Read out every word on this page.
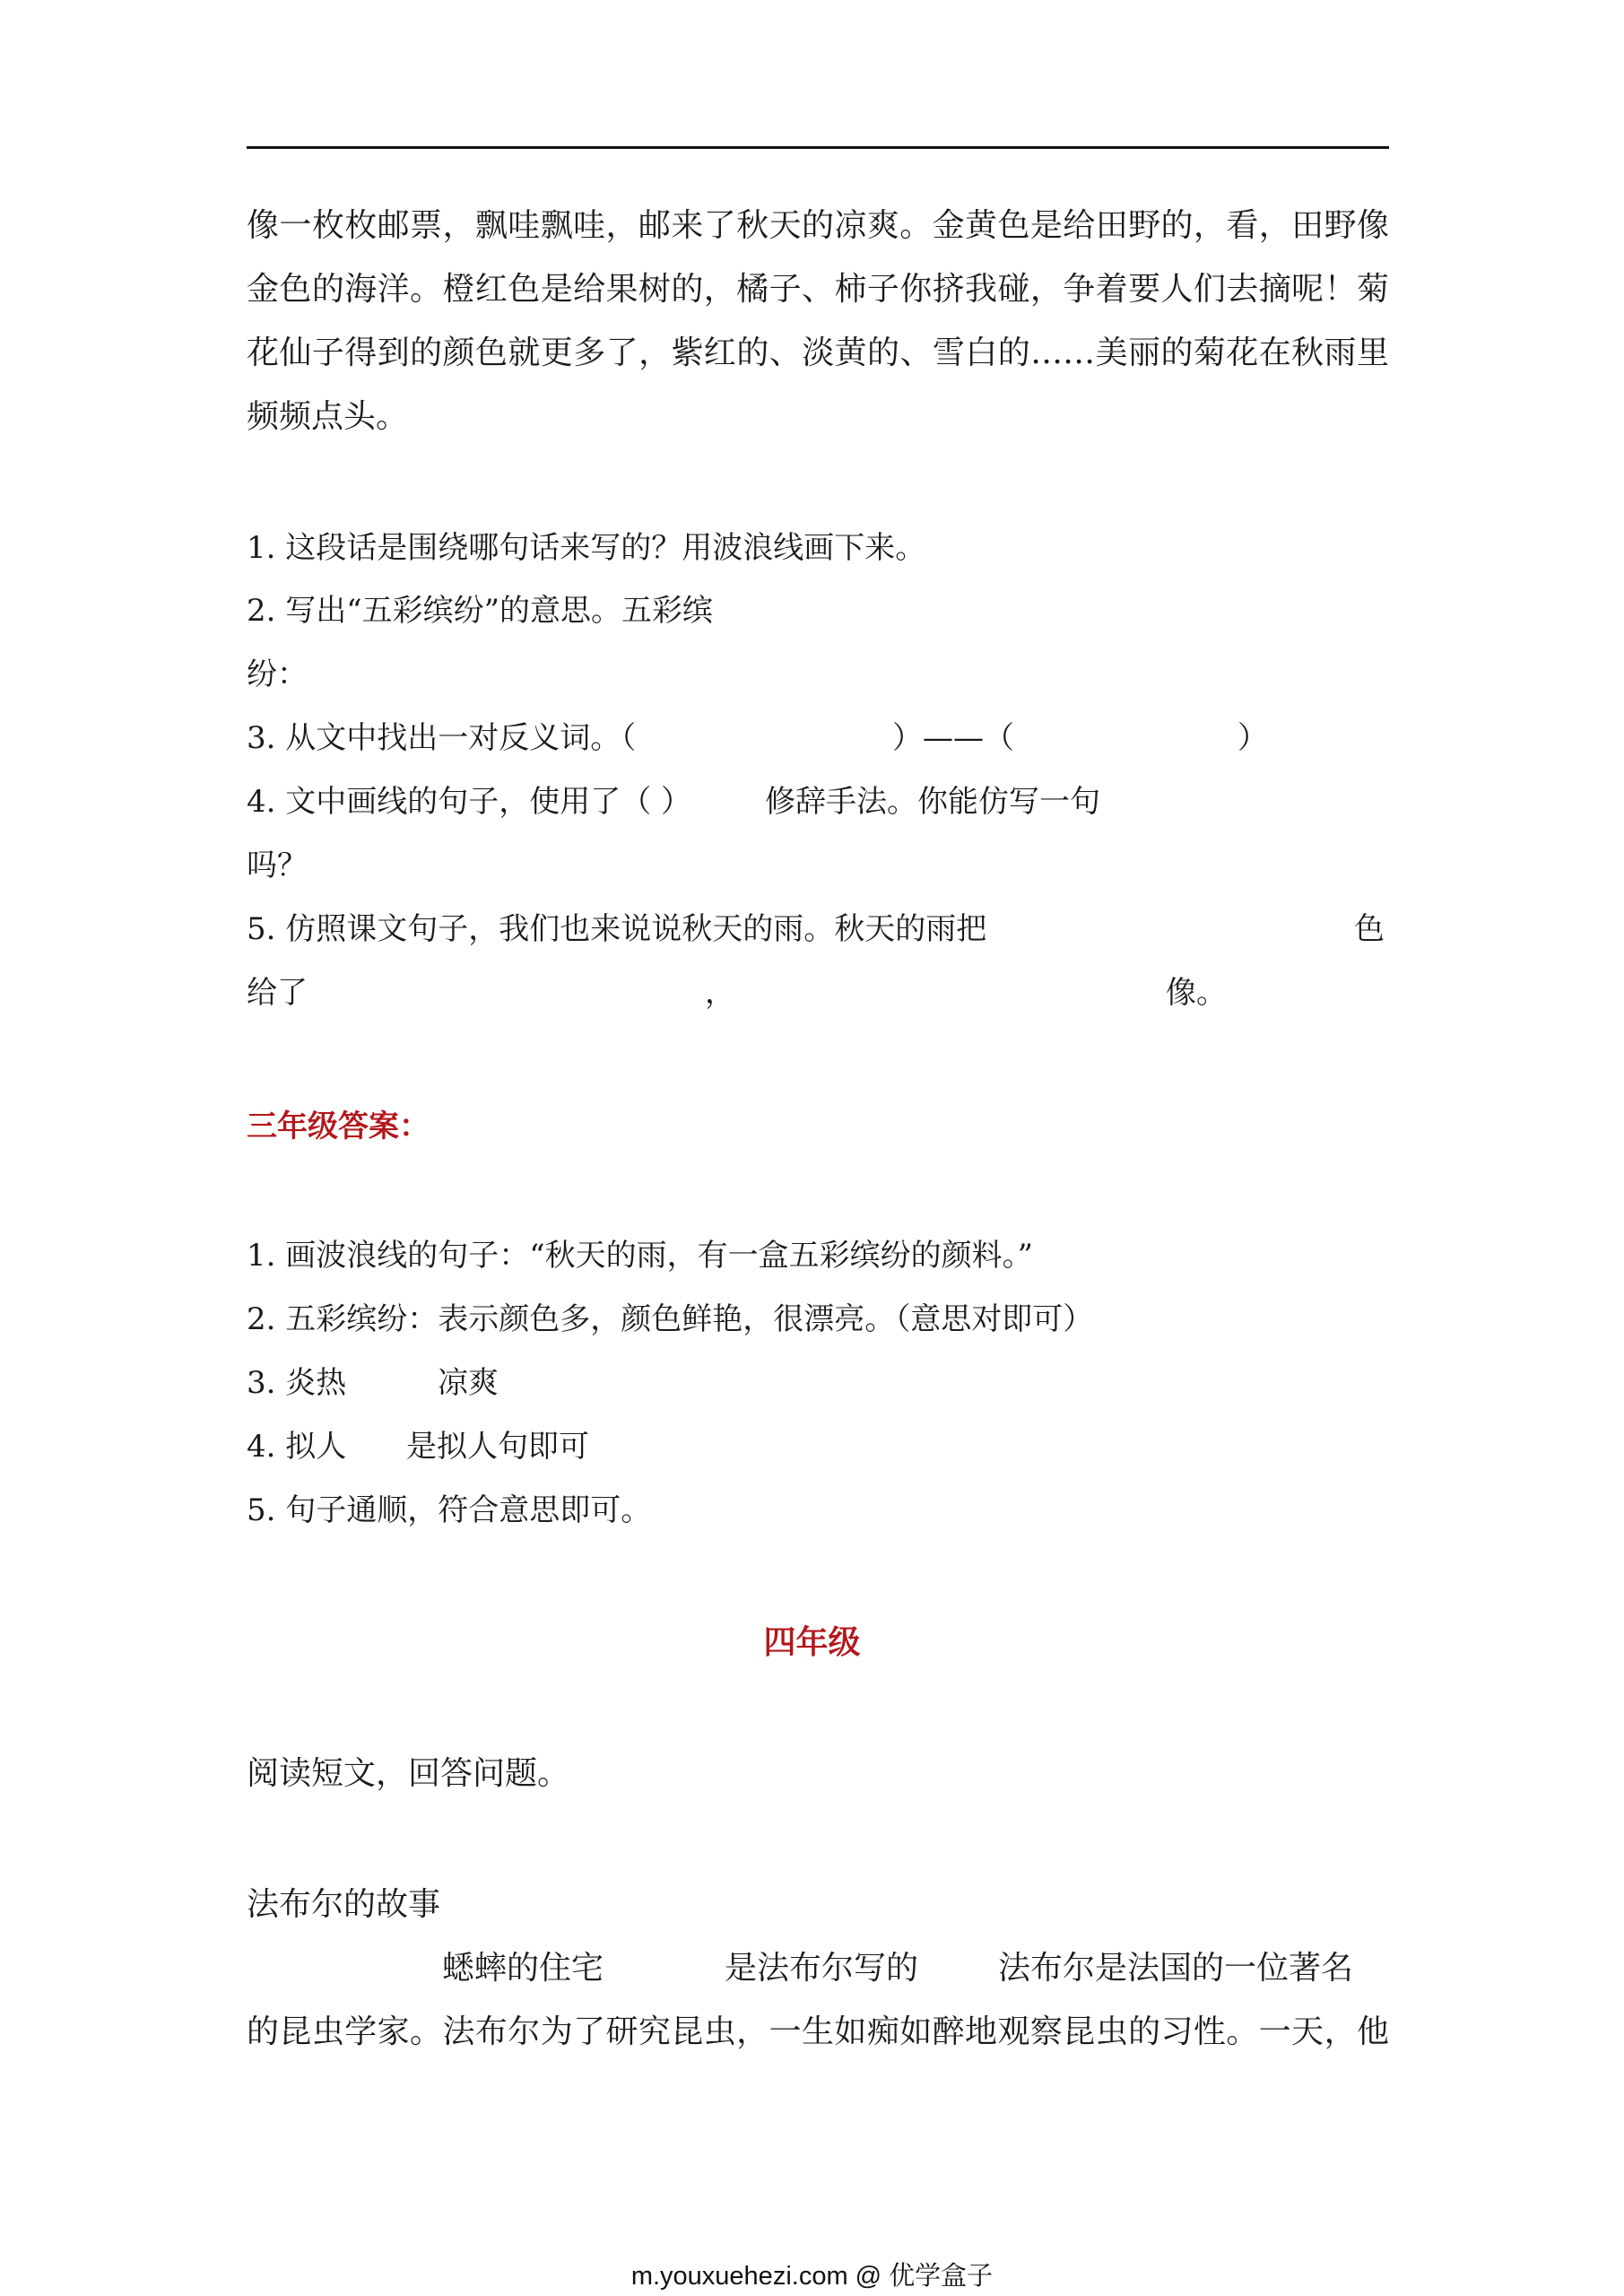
像一枚枚邮票，飘哇飘哇，邮来了秋天的凉爽。金黄色是给田野的，看，田野像
金色的海洋。橙红色是给果树的，橘子、柿子你挤我碰，争着要人们去摘呢！菊
花仙子得到的颜色就更多了，紫红的、淡黄的、雪白的……美丽的菊花在秋雨里
频频点头。
1. 这段话是围绕哪句话来写的？用波浪线画下来。
2. 写出“五彩缤纷”的意思。五彩缤
纷：
3. 从文中找出一对反义词。（	）——（	）
4. 文中画线的句子，使用了（ ） 修辞手法。你能仿写一句
吗？
5. 仿照课文句子，我们也来说说秋天的雨。秋天的雨把	色
给了	，	像。
三年级答案：
1. 画波浪线的句子：“秋天的雨，有一盒五彩缤纷的颜料。”
2. 五彩缤纷：表示颜色多，颜色鲜艳，很漂亮。（意思对即可）
3. 炎热	凉爽
4. 拟人 是拟人句即可
5. 句子通顺，符合意思即可。
四年级
阅读短文，回答问题。
法布尔的故事
蟋蟀的住宅	是法布尔写的 法布尔是法国的一位著名
的昆虫学家。法布尔为了研究昆虫，一生如痴如醉地观察昆虫的习性。一天，他
m.youxuehezi.com @ 优学盒子
